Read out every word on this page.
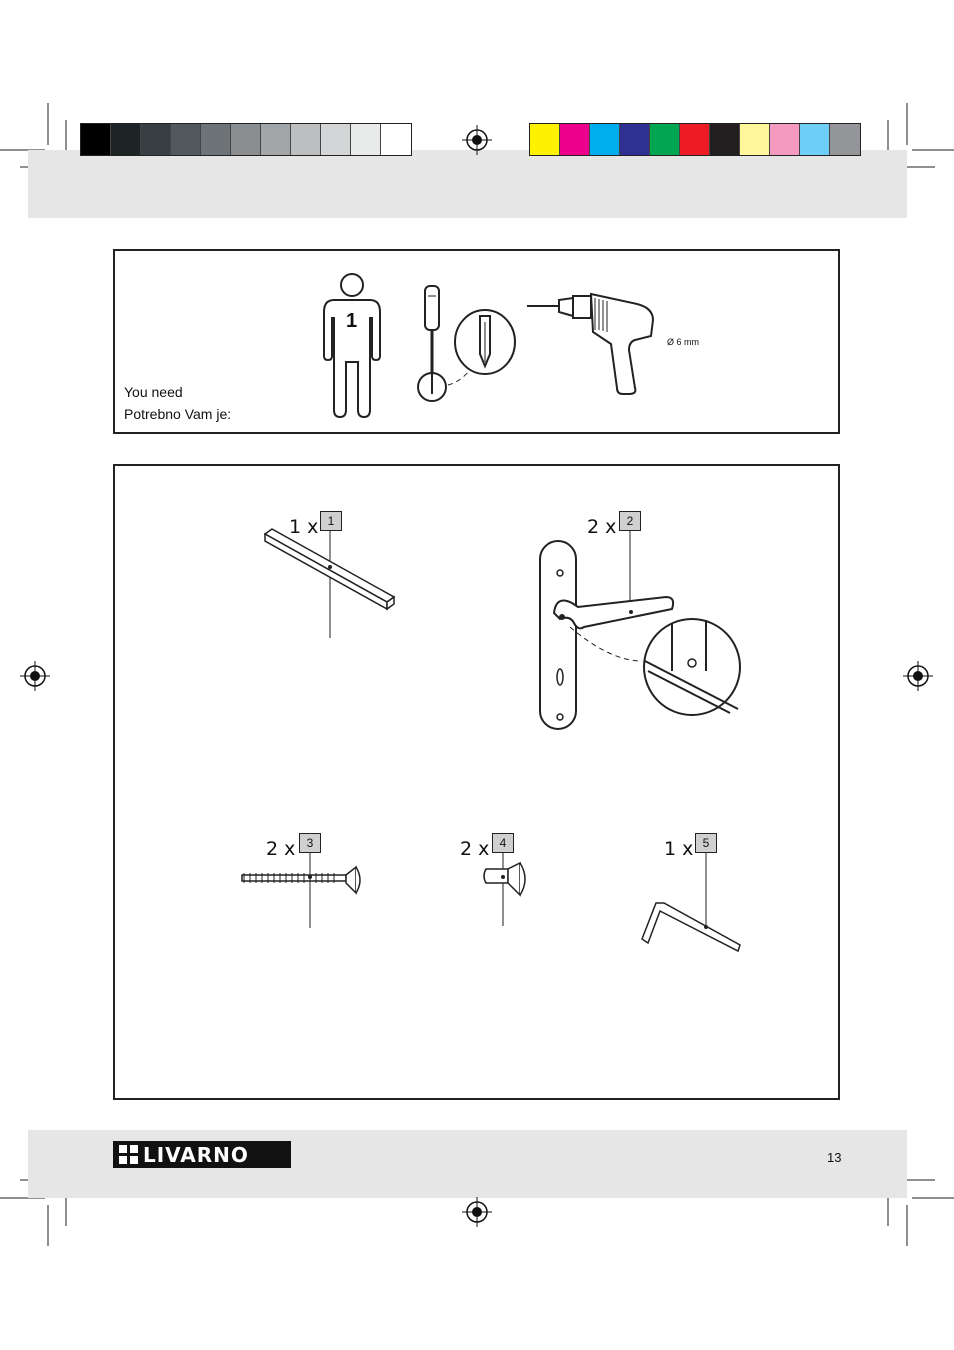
You need
Potrebno Vam je:
1
Ø 6 mm
1 x 1	2 x 2
2 x 3	2 x 4	1 x 5
LIVARNO	13
